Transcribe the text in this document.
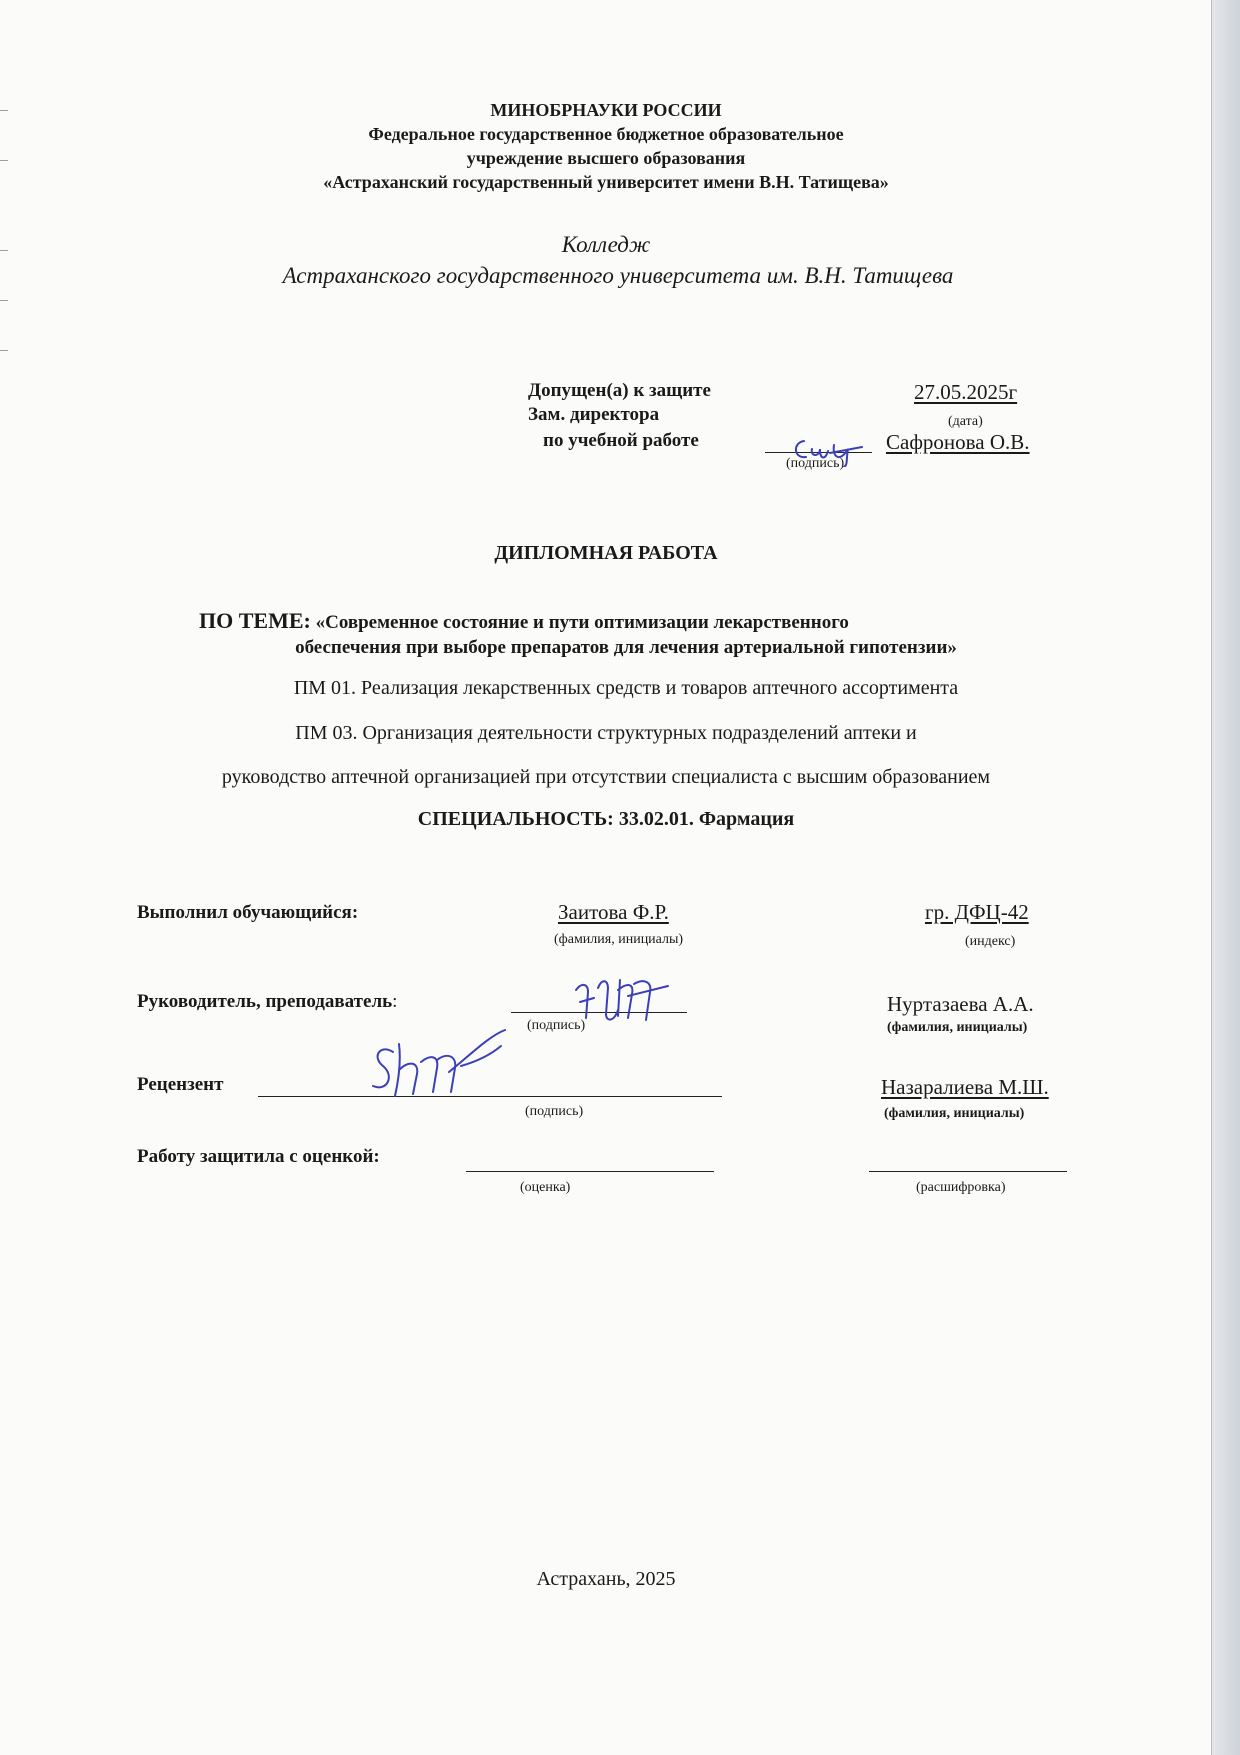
МИНОБРНАУКИ РОССИИ
Федеральное государственное бюджетное образовательное
учреждение высшего образования
«Астраханский государственный университет имени В.Н. Татищева»
Колледж
Астраханского государственного университета им. В.Н. Татищева
Допущен(а) к защите	27.05.2025г
(дата)
Зам. директора
по учебной работе
(подпись)
Сафронова О.В.
ДИПЛОМНАЯ РАБОТА
ПО ТЕМЕ: «Современное состояние и пути оптимизации лекарственного
обеспечения при выборе препаратов для лечения артериальной гипотензии»
ПМ 01. Реализация лекарственных средств и товаров аптечного ассортимента
ПМ 03. Организация деятельности структурных подразделений аптеки и
руководство аптечной организацией при отсутствии специалиста с высшим образованием
СПЕЦИАЛЬНОСТЬ: 33.02.01. Фармация
Выполнил обучающийся:	Заитова Ф.Р.
(фамилия, инициалы)
гр. ДФЦ-42
(индекс)
Руководитель, преподаватель:
(подпись)
Нуртазаева А.А.
(фамилия, инициалы)
Рецензент
(подпись)
Назаралиева М.Ш.
(фамилия, инициалы)
Работу защитила с оценкой:
(оценка)	(расшифровка)
Астрахань, 2025
